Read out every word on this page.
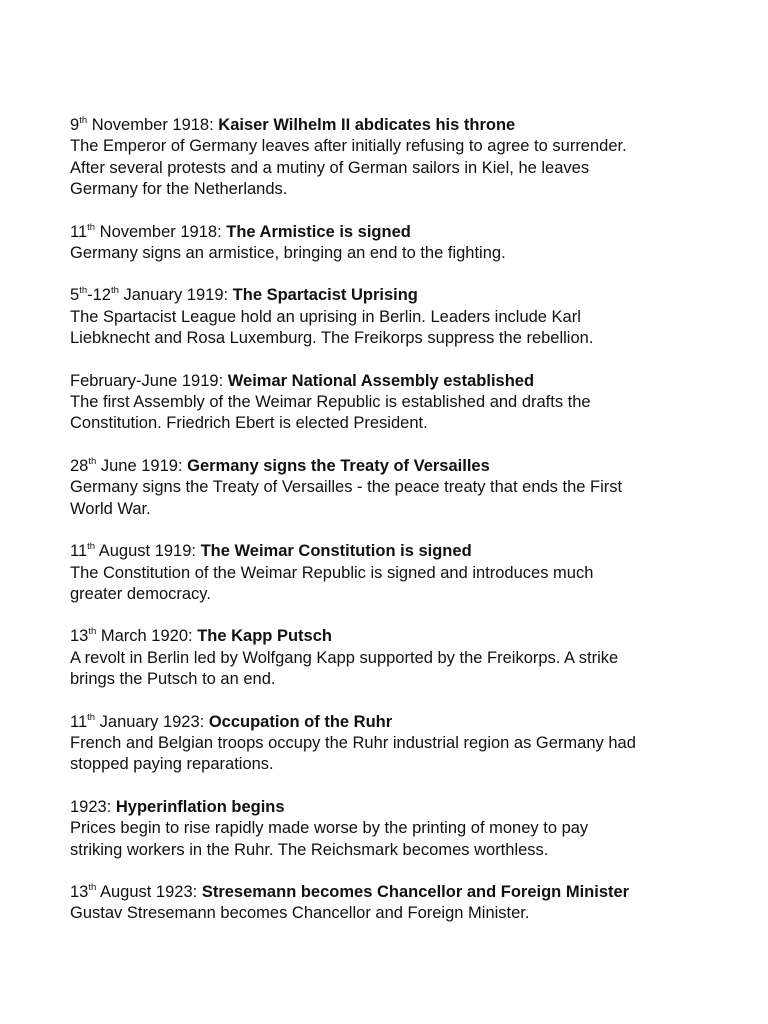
9th November 1918: Kaiser Wilhelm II abdicates his throne

The Emperor of Germany leaves after initially refusing to agree to surrender.
After several protests and a mutiny of German sailors in Kiel, he leaves
Germany for the Netherlands.

11th November 1918: The Armistice is signed

Germany signs an armistice, bringing an end to the fighting.

5th-12th January 1919: The Spartacist Uprising

The Spartacist League hold an uprising in Berlin. Leaders include Karl
Liebknecht and Rosa Luxemburg. The Freikorps suppress the rebellion.

February-June 1919: Weimar National Assembly established

The first Assembly of the Weimar Republic is established and drafts the
Constitution. Friedrich Ebert is elected President.

28th June 1919: Germany signs the Treaty of Versailles

Germany signs the Treaty of Versailles - the peace treaty that ends the First
World War.

11th August 1919: The Weimar Constitution is signed

The Constitution of the Weimar Republic is signed and introduces much
greater democracy.

13th March 1920: The Kapp Putsch

A revolt in Berlin led by Wolfgang Kapp supported by the Freikorps. A strike
brings the Putsch to an end.

11th January 1923: Occupation of the Ruhr

French and Belgian troops occupy the Ruhr industrial region as Germany had
stopped paying reparations.

1923: Hyperinflation begins

Prices begin to rise rapidly made worse by the printing of money to pay
striking workers in the Ruhr. The Reichsmark becomes worthless.

13th August 1923: Stresemann becomes Chancellor and Foreign Minister

Gustav Stresemann becomes Chancellor and Foreign Minister.
